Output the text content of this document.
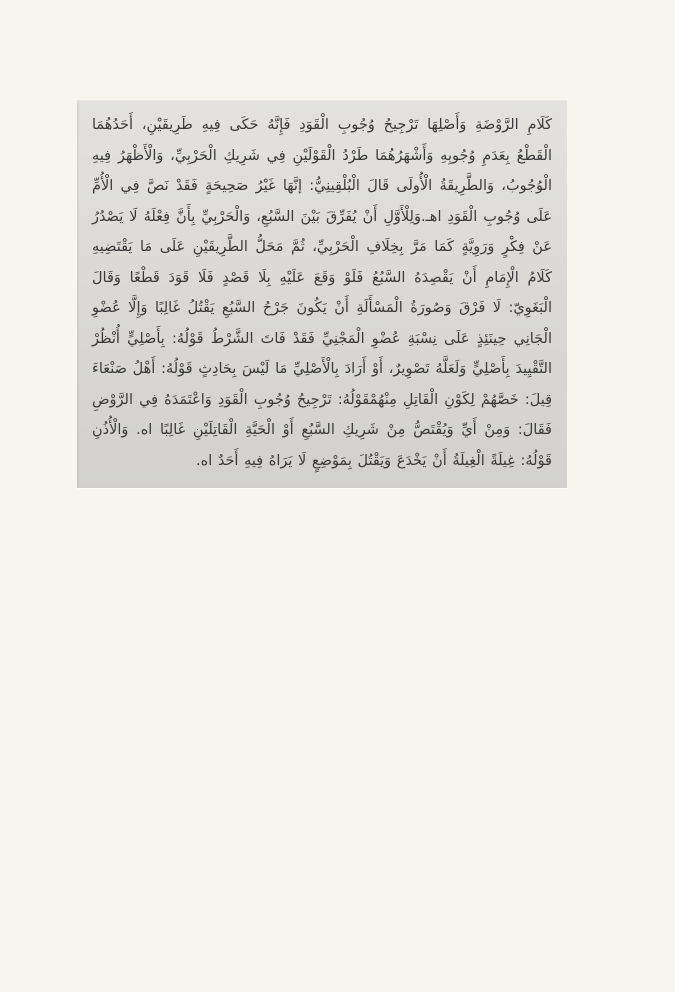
كَلَامِ الرَّوْضَةِ وَأَصْلِهَا تَرْجِيحُ وُجُوبِ الْقَوَدِ فَإِنَّهُ حَكَى فِيهِ طَرِيقَيْنِ، أَحَدُهُمَا الْقَطْعُ بِعَدَمِ وُجُوبِهِ وَأَشْهَرُهُمَا طَرْدُ الْقَوْلَيْنِ فِي شَرِيكِ الْحَرْبِيِّ، وَالْأَظْهَرُ فِيهِ الْوُجُوبُ، وَالطَّرِيقَةُ الْأُولَى قَالَ الْبُلْقِينِيُّ: إنَّهَا غَيْرُ صَحِيحَةٍ فَقَدْ نَصَّ فِي الْأُمِّ عَلَى وُجُوبِ الْقَوَدِ اهـ.وَلِلْأَوَّلِ أَنْ يُفَرِّقَ بَيْنَ السَّبُعِ، وَالْحَرْبِيِّ بِأَنَّ فِعْلَهُ لَا يَصْدُرُ عَنْ فِكْرٍ وَرَوِيَّةٍ كَمَا مَرَّ بِخِلَافِ الْحَرْبِيِّ، ثُمَّ مَحَلُّ الطَّرِيقَيْنِ عَلَى مَا يَقْتَضِيهِ كَلَامُ الْإِمَامِ أَنْ يَقْصِدَهُ السَّبُعُ فَلَوْ وَقَعَ عَلَيْهِ بِلَا قَصْدٍ فَلَا قَوَدَ قَطْعًا وَقَالَ الْبَغَوِيّ: لَا فَرْقَ وَصُورَةُ الْمَسْأَلَةِ أَنْ يَكُونَ جَرْحُ السَّبُعِ يَقْتُلُ غَالِبًا وَإِلَّا عُضْوِ الْجَانِي حِينَئِذٍ عَلَى نِسْبَةِ عُضْوِ الْمَجْنِيِّ فَقَدْ فَاتَ الشَّرْطُ قَوْلُهُ: بِأَصْلِيٍّ أُنْظُرْ التَّقْيِيدَ بِأَصْلِيٍّ وَلَعَلَّهُ تَصْوِيرٌ، أَوْ أَرَادَ بِالْأَصْلِيِّ مَا لَيْسَ بِحَادِثٍ قَوْلُهُ: أَهْلُ صَنْعَاءَ قِيلَ: خَصَّهُمْ لِكَوْنِ الْقَاتِلِ مِنْهُمْقَوْلُهُ: تَرْجِيحُ وُجُوبِ الْقَوَدِ وَاعْتَمَدَهُ فِي الرَّوْضِ فَقَالَ: وَمِنْ أَيِّ وَيُقْتَصُّ مِنْ شَرِيكِ السَّبُعِ أَوْ الْحَيَّةِ الْقَاتِلَيْنِ غَالِبًا اه. وَالْأُذُنِ قَوْلُهُ: غِيلَةً الْغِيلَةُ أَنْ يَخْدَعَ وَيَقْتُلَ بِمَوْضِعٍ لَا يَرَاهُ فِيهِ أَحَدٌ اه.
